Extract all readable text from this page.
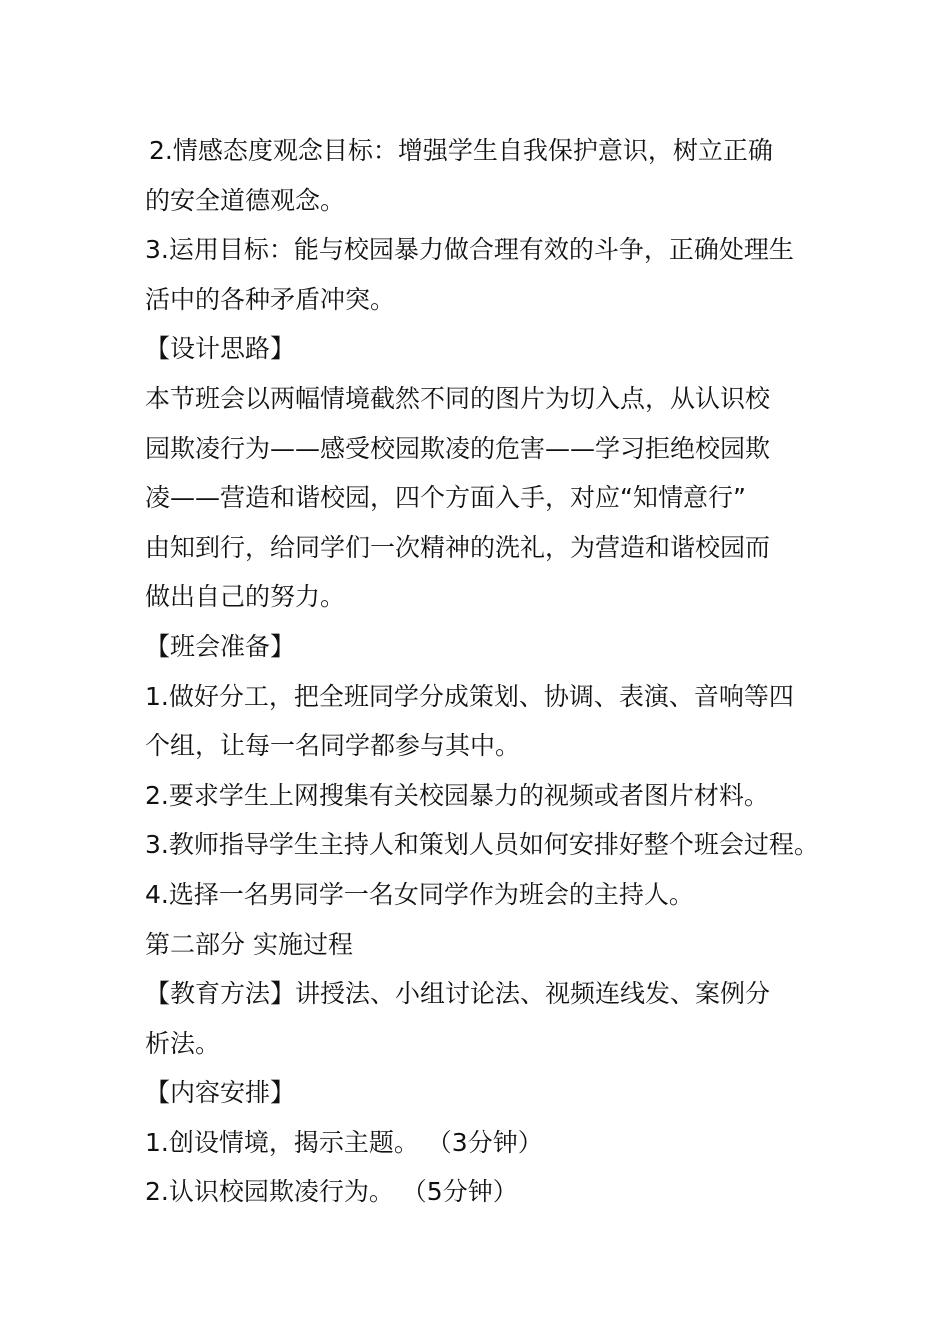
2.情感态度观念目标：增强学生自我保护意识，树立正确
的安全道德观念。
3.运用目标：能与校园暴力做合理有效的斗争，正确处理生
活中的各种矛盾冲突。
【设计思路】
本节班会以两幅情境截然不同的图片为切入点，从认识校
园欺凌行为——感受校园欺凌的危害——学习拒绝校园欺
凌——营造和谐校园，四个方面入手，对应“知情意行”
由知到行，给同学们一次精神的洗礼，为营造和谐校园而
做出自己的努力。
【班会准备】
1.做好分工，把全班同学分成策划、协调、表演、音响等四
个组，让每一名同学都参与其中。
2.要求学生上网搜集有关校园暴力的视频或者图片材料。
3.教师指导学生主持人和策划人员如何安排好整个班会过程。
4.选择一名男同学一名女同学作为班会的主持人。
第二部分 实施过程
【教育方法】讲授法、小组讨论法、视频连线发、案例分
析法。
【内容安排】
1.创设情境，揭示主题。 （3分钟）
2.认识校园欺凌行为。 （5分钟）
